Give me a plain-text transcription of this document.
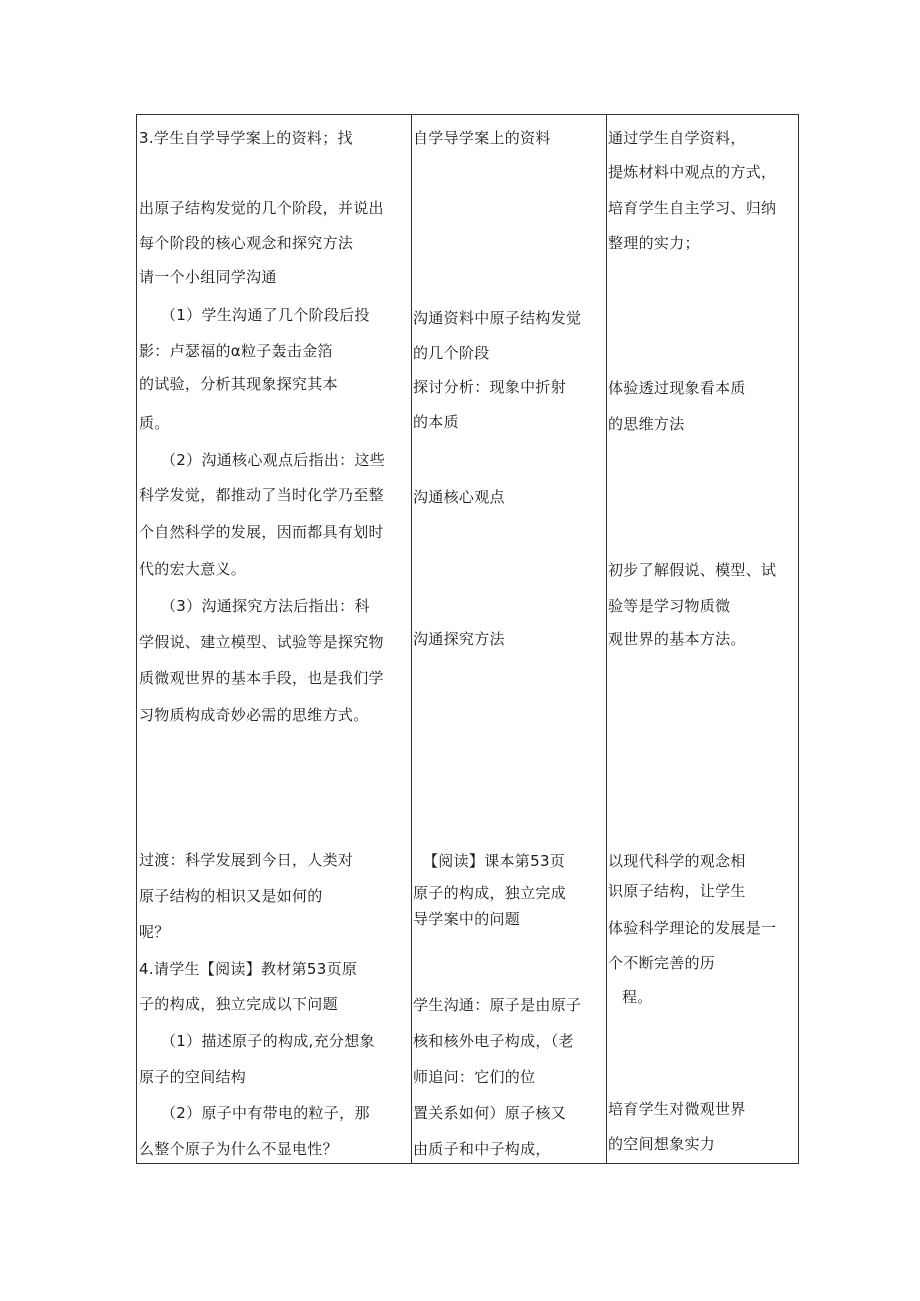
3.学生自学导学案上的资料；找
出原子结构发觉的几个阶段，并说出
每个阶段的核心观念和探究方法
请一个小组同学沟通
（1）学生沟通了几个阶段后投
影：卢瑟福的α粒子轰击金箔
的试验，分析其现象探究其本
质。
（2）沟通核心观点后指出：这些
科学发觉，都推动了当时化学乃至整
个自然科学的发展，因而都具有划时
代的宏大意义。
（3）沟通探究方法后指出：科
学假说、建立模型、试验等是探究物
质微观世界的基本手段，也是我们学
习物质构成奇妙必需的思维方式。
过渡：科学发展到今日，人类对
原子结构的相识又是如何的
呢？
4.请学生【阅读】教材第53页原
子的构成，独立完成以下问题
（1）描述原子的构成,充分想象
原子的空间结构
（2）原子中有带电的粒子，那
么整个原子为什么不显电性？
自学导学案上的资料
沟通资料中原子结构发觉
的几个阶段
探讨分析：现象中折射
的本质
沟通核心观点
沟通探究方法
【阅读】课本第53页
原子的构成，独立完成
导学案中的问题
学生沟通：原子是由原子
核和核外电子构成，（老
师追问：它们的位
置关系如何）原子核又
由质子和中子构成，
通过学生自学资料，
提炼材料中观点的方式，
培育学生自主学习、归纳
整理的实力；
体验透过现象看本质
的思维方法
初步了解假说、模型、试
验等是学习物质微
观世界的基本方法。
以现代科学的观念相
识原子结构，让学生
体验科学理论的发展是一
个不断完善的历
程。
培育学生对微观世界
的空间想象实力
